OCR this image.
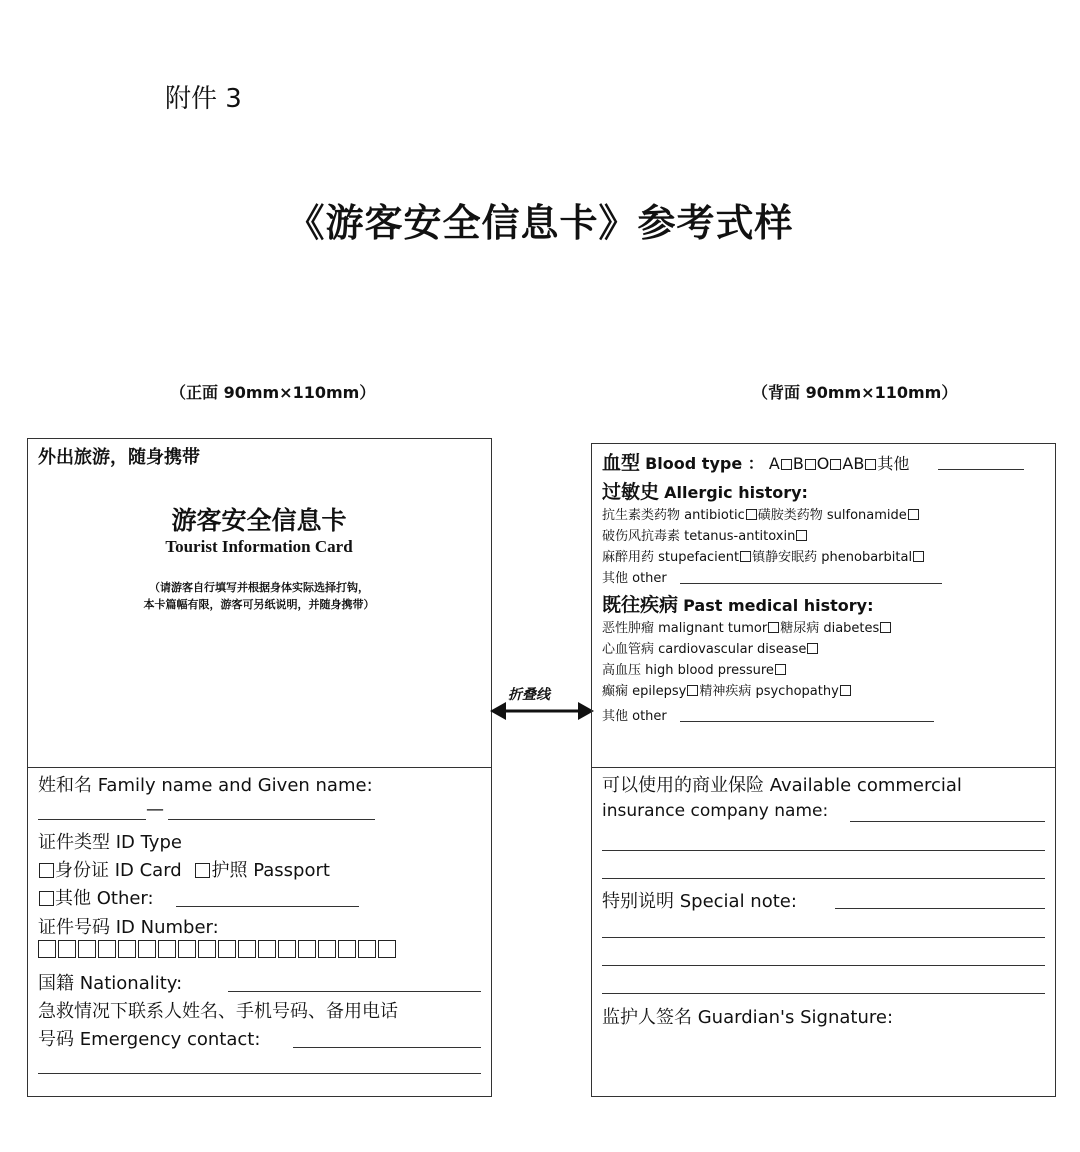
附件 3
《游客安全信息卡》参考式样
（正面 90mm×110mm）	（背面 90mm×110mm）
外出旅游，随身携带
游客安全信息卡
Tourist Information Card
（请游客自行填写并根据身体实际选择打钩，
本卡篇幅有限，游客可另纸说明，并随身携带）
姓和名 Family name and Given name:
—
证件类型 ID Type
身份证 ID Card 护照 Passport
其他 Other:
证件号码 ID Number:
国籍 Nationality:
急救情况下联系人姓名、手机号码、备用电话
号码 Emergency contact:
折叠线
血型 Blood type ： A B O AB 其他
过敏史 Allergic history:
抗生素类药物 antibiotic 磺胺类药物 sulfonamide
破伤风抗毒素 tetanus-antitoxin
麻醉用药 stupefacient 镇静安眠药 phenobarbital
其他 other
既往疾病 Past medical history:
恶性肿瘤 malignant tumor 糖尿病 diabetes
心血管病 cardiovascular disease
高血压 high blood pressure
癫痫 epilepsy 精神疾病 psychopathy
其他 other
可以使用的商业保险 Available commercial
insurance company name:
特别说明 Special note:
监护人签名 Guardian's Signature:
